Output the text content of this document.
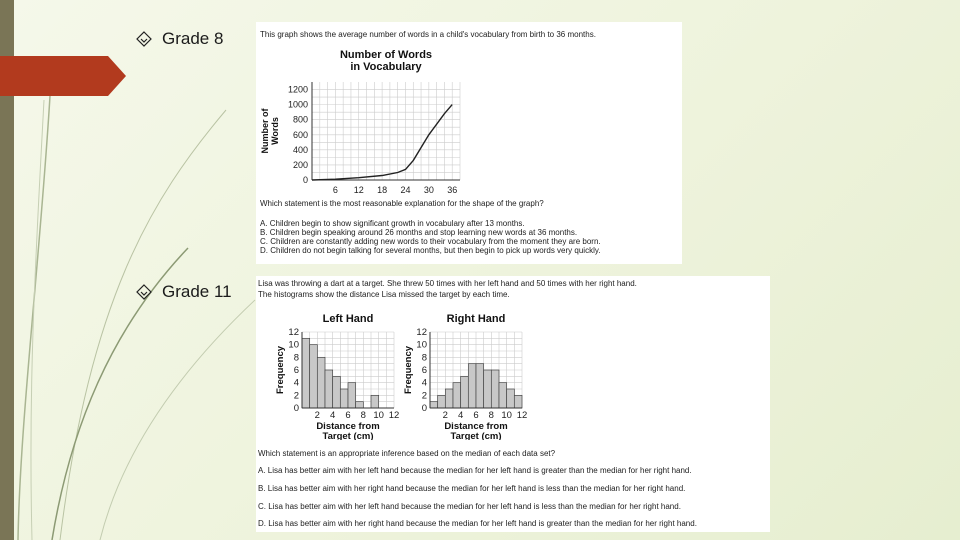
Grade 8
Grade 11
This graph shows the average number of words in a child's vocabulary from birth to 36 months.
Number of Words
in Vocabulary
0
200
400
600
800
1000
1200
6 12 18 24 30 36
Number of Words
Which statement is the most reasonable explanation for the shape of the graph?
A. Children begin to show significant growth in vocabulary after 13 months.
B. Children begin speaking around 26 months and stop learning new words at 36 months.
C. Children are constantly adding new words to their vocabulary from the moment they are born.
D. Children do not begin talking for several months, but then begin to pick up words very quickly.
Lisa was throwing a dart at a target. She threw 50 times with her left hand and 50 times with her right hand.
The histograms show the distance Lisa missed the target by each time.
Left Hand
0
2
4
6
8
10
12
2 4 6 8 10 12
Distance from
Target (cm)
Frequency
Right Hand
0
2
4
6
8
10
12
2 4 6 8 10 12
Distance from
Target (cm)
Frequency
Which statement is an appropriate inference based on the median of each data set?
A. Lisa has better aim with her left hand because the median for her left hand is greater than the median for her right hand.
B. Lisa has better aim with her right hand because the median for her left hand is less than the median for her right hand.
C. Lisa has better aim with her left hand because the median for her left hand is less than the median for her right hand.
D. Lisa has better aim with her right hand because the median for her left hand is greater than the median for her right hand.
